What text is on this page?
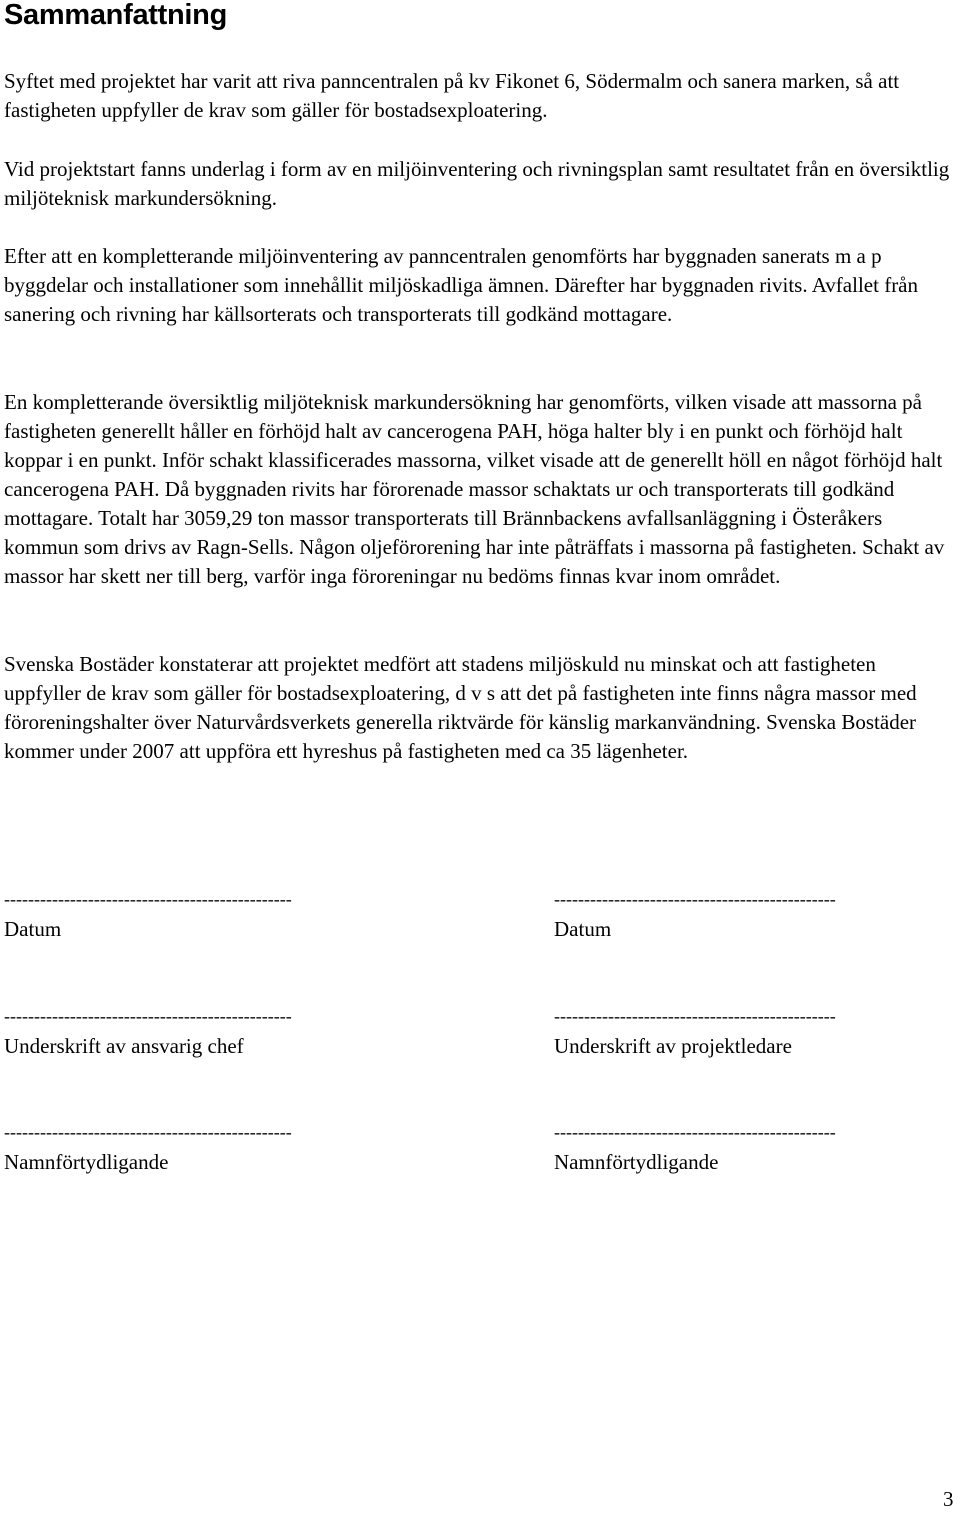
Sammanfattning

Syftet med projektet har varit att riva panncentralen på kv Fikonet 6, Södermalm och sanera marken, så att fastigheten uppfyller de krav som gäller för bostadsexploatering.

Vid projektstart fanns underlag i form av en miljöinventering och rivningsplan samt resultatet från en översiktlig miljöteknisk markundersökning.

Efter att en kompletterande miljöinventering av panncentralen genomförts har byggnaden sanerats m a p byggdelar och installationer som innehållit miljöskadliga ämnen. Därefter har byggnaden rivits. Avfallet från sanering och rivning har källsorterats och transporterats till godkänd mottagare.

En kompletterande översiktlig miljöteknisk markundersökning har genomförts, vilken visade att massorna på fastigheten generellt håller en förhöjd halt av cancerogena PAH, höga halter bly i en punkt och förhöjd halt koppar i en punkt. Inför schakt klassificerades massorna, vilket visade att de generellt höll en något förhöjd halt cancerogena PAH. Då byggnaden rivits har förorenade massor schaktats ur och transporterats till godkänd mottagare. Totalt har 3059,29 ton massor transporterats till Brännbackens avfallsanläggning i Österåkers kommun som drivs av Ragn-Sells. Någon oljeförorening har inte påträffats i massorna på fastigheten. Schakt av massor har skett ner till berg, varför inga föroreningar nu bedöms finnas kvar inom området.

Svenska Bostäder konstaterar att projektet medfört att stadens miljöskuld nu minskat och att fastigheten uppfyller de krav som gäller för bostadsexploatering, d v s att det på fastigheten inte finns några massor med föroreningshalter över Naturvårdsverkets generella riktvärde för känslig markanvändning. Svenska Bostäder kommer under 2007 att uppföra ett hyreshus på fastigheten med ca 35 lägenheter.

------------------------------------------------
Datum
------------------------------------------------
Underskrift av ansvarig chef
------------------------------------------------
Namnförtydligande
-----------------------------------------------
Datum
-----------------------------------------------
Underskrift av projektledare
-----------------------------------------------
Namnförtydligande
3
